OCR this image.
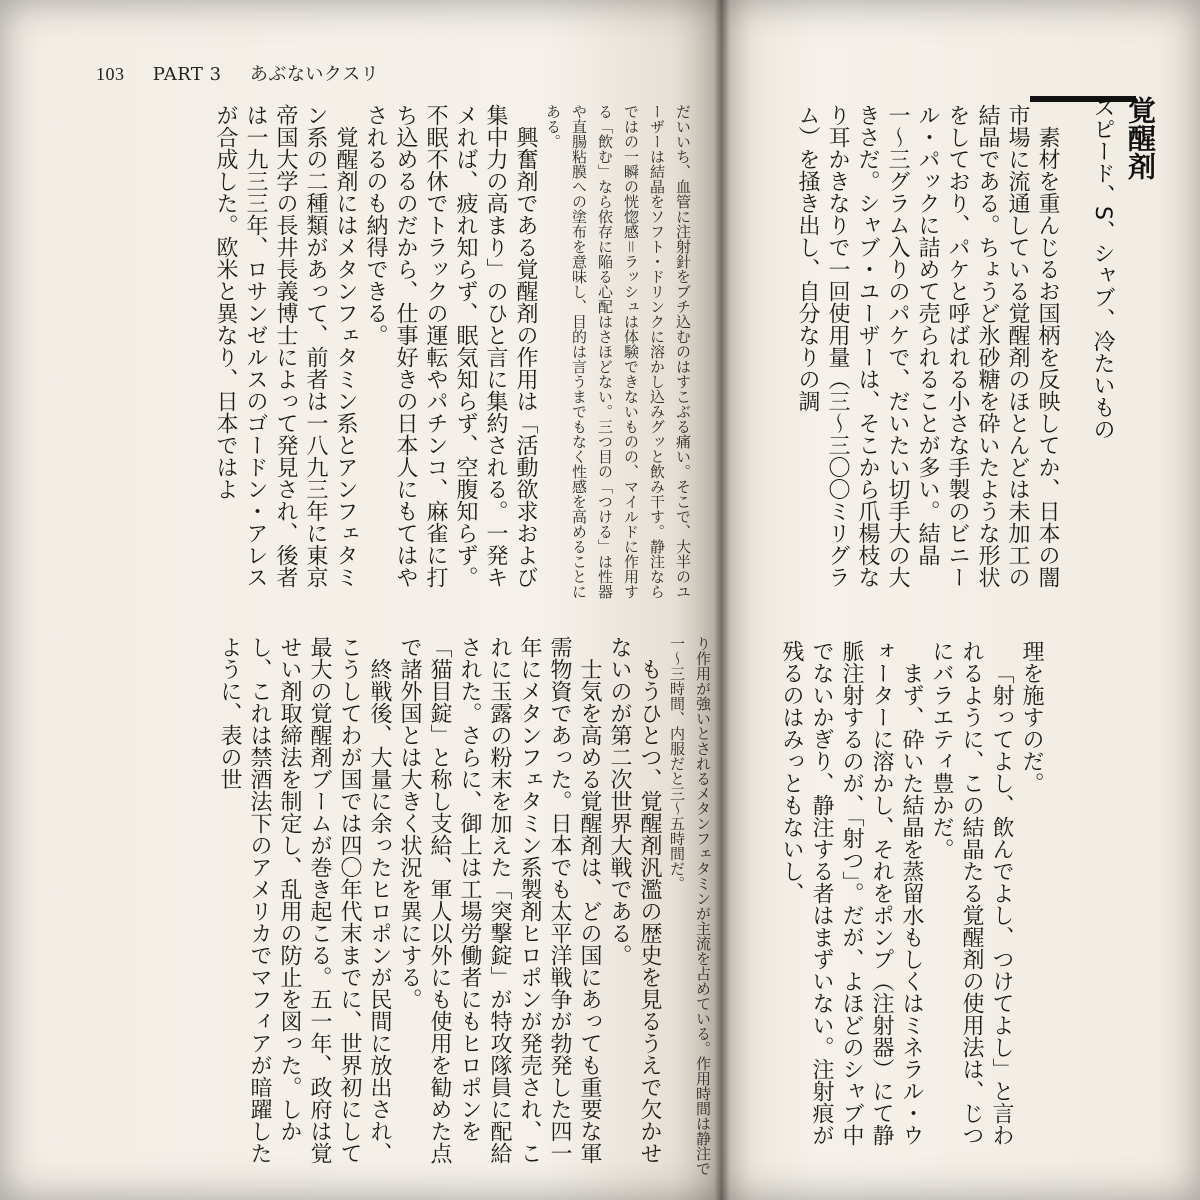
103 PART 3 あぶないクスリ
覚醒剤
スピード、S、シャブ、冷たいもの

素材を重んじるお国柄を反映してか、日本の闇市場に流通している覚醒剤のほとんどは未加工の結晶である。ちょうど氷砂糖を砕いたような形状をしており、パケと呼ばれる小さな手製のビニール・パックに詰めて売られることが多い。結晶一〜三グラム入りのパケで、だいたい切手大の大きさだ。シャブ・ユーザーは、そこから爪楊枝なり耳かきなりで一回使用量（三〜三〇〇ミリグラム）を掻き出し、自分なりの調

理を施すのだ。

「射ってよし、飲んでよし、つけてよし」と言われるように、この結晶たる覚醒剤の使用法は、じつにバラエティ豊かだ。

まず、砕いた結晶を蒸留水もしくはミネラル・ウォーターに溶かし、それをポンプ（注射器）にて静脈注射するのが、「射つ」。だが、よほどのシャブ中でないかぎり、静注する者はまずいない。注射痕が残るのはみっともないし、

だいいち、血管に注射針をブチ込むのはすこぶる痛い。そこで、大半のユーザーは結晶をソフト・ドリンクに溶かし込みグッと飲み干す。静注ならではの一瞬の恍惚感＝ラッシュは体験できないものの、マイルドに作用する「飲む」なら依存に陥る心配はさほどない。三つ目の「つける」は性器や直腸粘膜への塗布を意味し、目的は言うまでもなく性感を高めることにある。

興奮剤である覚醒剤の作用は「活動欲求および集中力の高まり」のひと言に集約される。一発キメれば、疲れ知らず、眠気知らず、空腹知らず。不眠不休でトラックの運転やパチンコ、麻雀に打ち込めるのだから、仕事好きの日本人にもてはやされるのも納得できる。

覚醒剤にはメタンフェタミン系とアンフェタミン系の二種類があって、前者は一八九三年に東京帝国大学の長井長義博士によって発見され、後者は一九三三年、ロサンゼルスのゴードン・アレスが合成した。欧米と異なり、日本ではよ

り作用が強いとされるメタンフェタミンが主流を占めている。作用時間は静注で一〜三時間、内服だと三〜五時間だ。

もうひとつ、覚醒剤汎濫の歴史を見るうえで欠かせないのが第二次世界大戦である。

士気を高める覚醒剤は、どの国にあっても重要な軍需物資であった。日本でも太平洋戦争が勃発した四一年にメタンフェタミン系製剤ヒロポンが発売され、これに玉露の粉末を加えた「突撃錠」が特攻隊員に配給された。さらに、御上は工場労働者にもヒロポンを「猫目錠」と称し支給、軍人以外にも使用を勧めた点で諸外国とは大きく状況を異にする。

終戦後、大量に余ったヒロポンが民間に放出され、こうしてわが国では四〇年代末までに、世界初にして最大の覚醒剤ブームが巻き起こる。五一年、政府は覚せい剤取締法を制定し、乱用の防止を図った。しかし、これは禁酒法下のアメリカでマフィアが暗躍したように、表の世
